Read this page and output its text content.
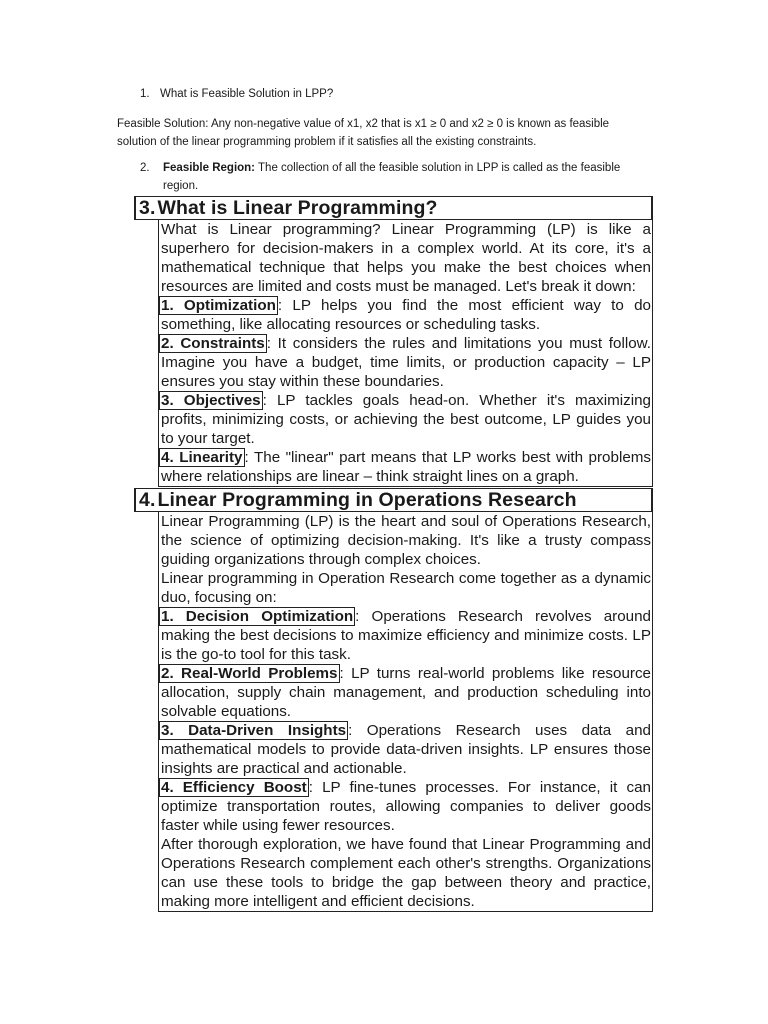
1. What is Feasible Solution in LPP?
Feasible Solution: Any non-negative value of x1, x2 that is x1 ≥ 0 and x2 ≥ 0 is known as feasible solution of the linear programming problem if it satisfies all the existing constraints.
2. Feasible Region: The collection of all the feasible solution in LPP is called as the feasible region.
3. What is Linear Programming?

What is Linear programming? Linear Programming (LP) is like a superhero for decision-makers in a complex world. At its core, it's a mathematical technique that helps you make the best choices when resources are limited and costs must be managed. Let's break it down:

1. Optimization : LP helps you find the most efficient way to do something, like allocating resources or scheduling tasks.

2. Constraints : It considers the rules and limitations you must follow. Imagine you have a budget, time limits, or production capacity – LP ensures you stay within these boundaries.

3. Objectives : LP tackles goals head-on. Whether it's maximizing profits, minimizing costs, or achieving the best outcome, LP guides you to your target.

4. Linearity : The "linear" part means that LP works best with problems where relationships are linear – think straight lines on a graph.

4. Linear Programming in Operations Research

Linear Programming (LP) is the heart and soul of Operations Research, the science of optimizing decision-making. It's like a trusty compass guiding organizations through complex choices.

Linear programming in Operation Research come together as a dynamic duo, focusing on:

1. Decision Optimization : Operations Research revolves around making the best decisions to maximize efficiency and minimize costs. LP is the go-to tool for this task.

2. Real-World Problems : LP turns real-world problems like resource allocation, supply chain management, and production scheduling into solvable equations.

3. Data-Driven Insights : Operations Research uses data and mathematical models to provide data-driven insights. LP ensures those insights are practical and actionable.

4. Efficiency Boost : LP fine-tunes processes. For instance, it can optimize transportation routes, allowing companies to deliver goods faster while using fewer resources.

After thorough exploration, we have found that Linear Programming and Operations Research complement each other's strengths. Organizations can use these tools to bridge the gap between theory and practice, making more intelligent and efficient decisions.
